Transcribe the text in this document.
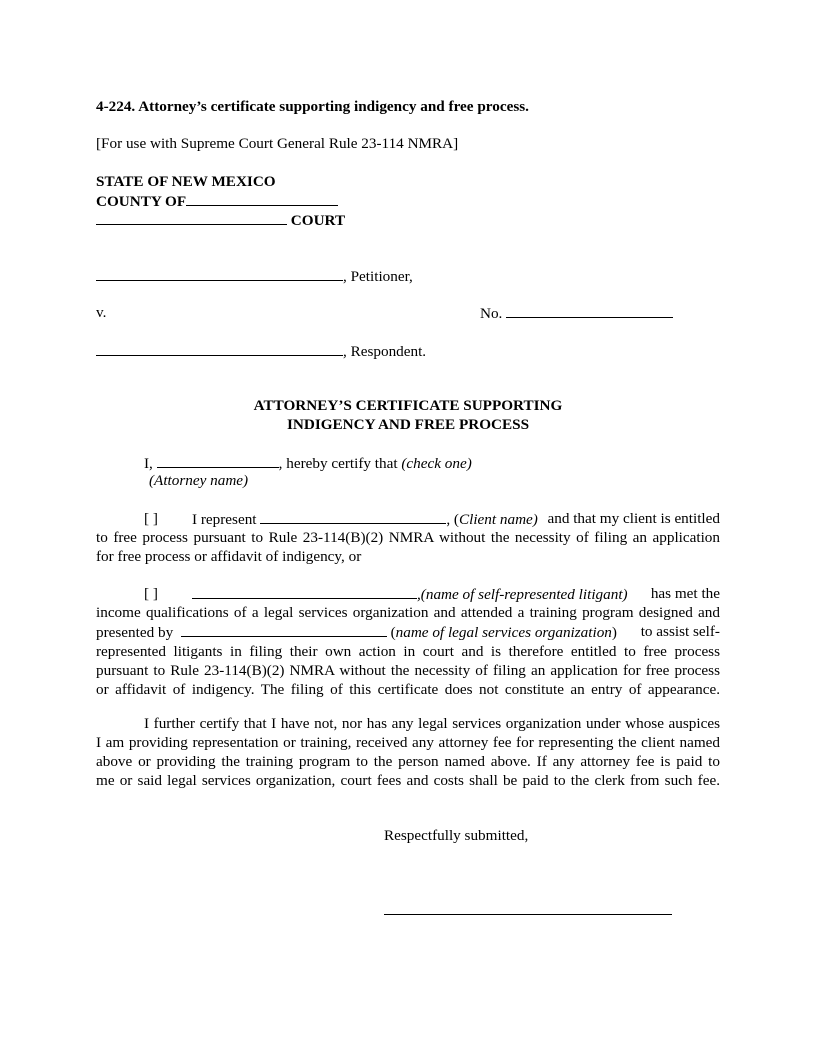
4-224. Attorney’s certificate supporting indigency and free process.
[For use with Supreme Court General Rule 23-114 NMRA]
STATE OF NEW MEXICO
COUNTY OF
COURT
, Petitioner,
v.	No.
, Respondent.
ATTORNEY’S CERTIFICATE SUPPORTING
INDIGENCY AND FREE PROCESS
I,	, hereby certify that (check one)
(Attorney name)
[ ] I represent	, (Client name) and that my client is entitled
to free process pursuant to Rule 23-114(B)(2) NMRA without the necessity of filing an application
for free process or affidavit of indigency, or
[ ]	,(name of self-represented litigant) has met the
income qualifications of a legal services organization and attended a training program designed and
presented by	(name of legal services organization) to assist self-
represented litigants in filing their own action in court and is therefore entitled to free process
pursuant to Rule 23-114(B)(2) NMRA without the necessity of filing an application for free process
or affidavit of indigency. The filing of this certificate does not constitute an entry of appearance.
I further certify that I have not, nor has any legal services organization under whose auspices
I am providing representation or training, received any attorney fee for representing the client named
above or providing the training program to the person named above. If any attorney fee is paid to
me or said legal services organization, court fees and costs shall be paid to the clerk from such fee.
Respectfully submitted,
